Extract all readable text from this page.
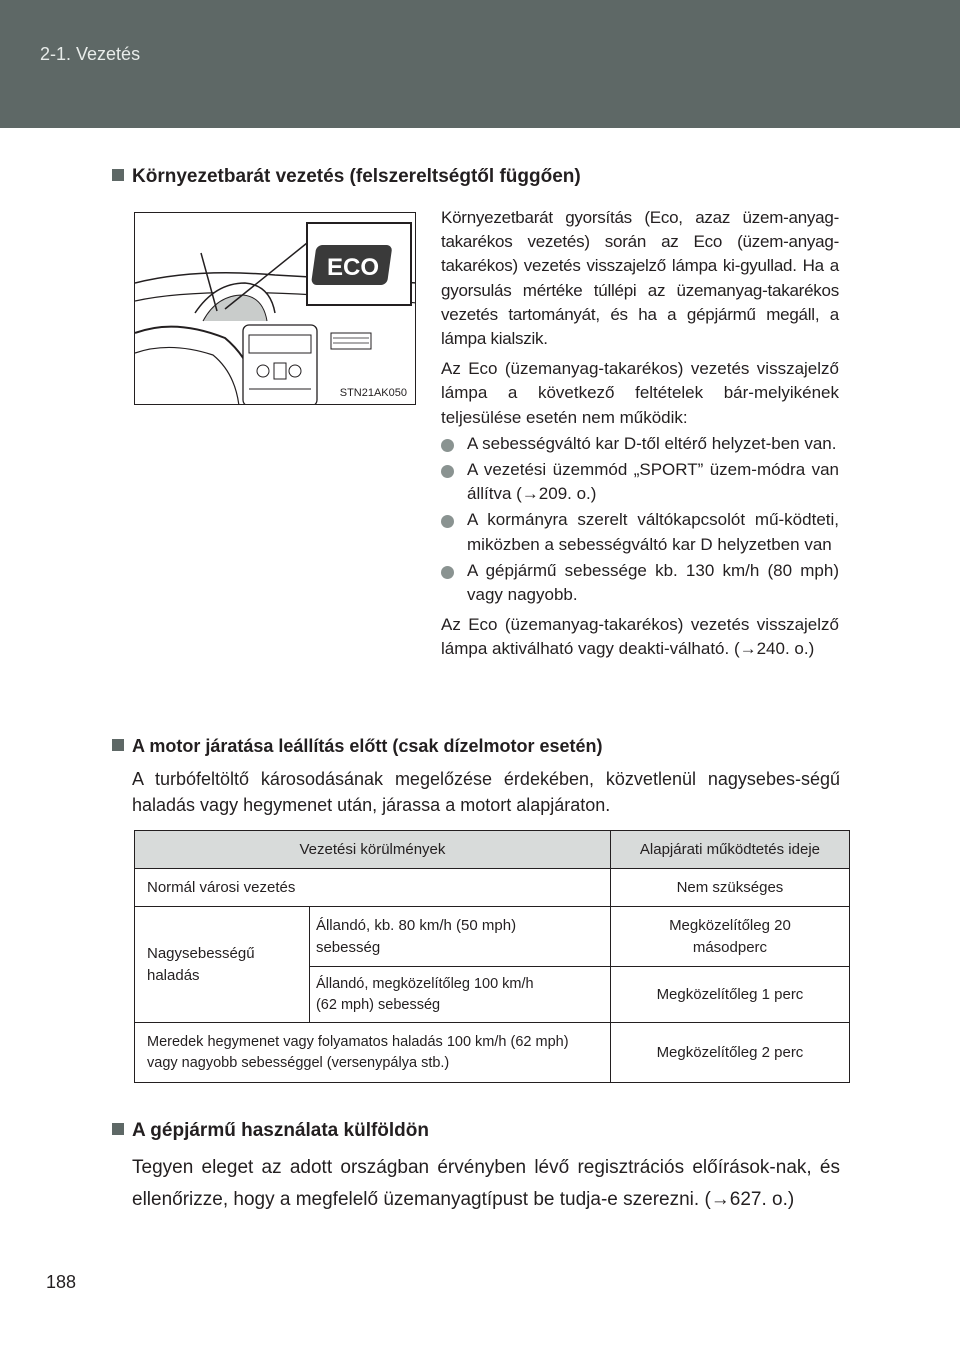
2-1. Vezetés
Környezetbarát vezetés (felszereltségtől függően)
ECO
STN21AK050

Környezetbarát gyorsítás (Eco, azaz üzem-anyag-takarékos vezetés) során az Eco (üzem-anyag-takarékos) vezetés visszajelző lámpa ki-gyullad. Ha a gyorsulás mértéke túllépi az üzemanyag-takarékos vezetés tartományát, és ha a gépjármű megáll, a lámpa kialszik.

Az Eco (üzemanyag-takarékos) vezetés visszajelző lámpa a következő feltételek bár-melyikének teljesülése esetén nem működik:

A sebességváltó kar D-től eltérő helyzet-ben van.
A vezetési üzemmód „SPORT” üzem-módra van állítva (→209. o.)
A kormányra szerelt váltókapcsolót mű-ködteti, miközben a sebességváltó kar D helyzetben van
A gépjármű sebessége kb. 130 km/h (80 mph) vagy nagyobb.

Az Eco (üzemanyag-takarékos) vezetés visszajelző lámpa aktiválható vagy deakti-válható. (→240. o.)

A motor járatása leállítás előtt (csak dízelmotor esetén)
A turbófeltöltő károsodásának megelőzése érdekében, közvetlenül nagysebes-ségű haladás vagy hegymenet után, járassa a motort alapjáraton.
Vezetési körülmények		Alapjárati működtetés ideje
Normál városi vezetés		Nem szükséges

Nagysebességű haladás	Állandó, kb. 80 km/h (50 mph) sebesség	Megközelítőleg 20 másodperc

	Állandó, megközelítőleg 100 km/h (62 mph) sebesség	Megközelítőleg 1 perc

Meredek hegymenet vagy folyamatos haladás 100 km/h (62 mph) vagy nagyobb sebességgel (versenypálya stb.)		Megközelítőleg 2 perc
A gépjármű használata külföldön
Tegyen eleget az adott országban érvényben lévő regisztrációs előírások-nak, és ellenőrizze, hogy a megfelelő üzemanyagtípust be tudja-e szerezni. (→627. o.)
188
